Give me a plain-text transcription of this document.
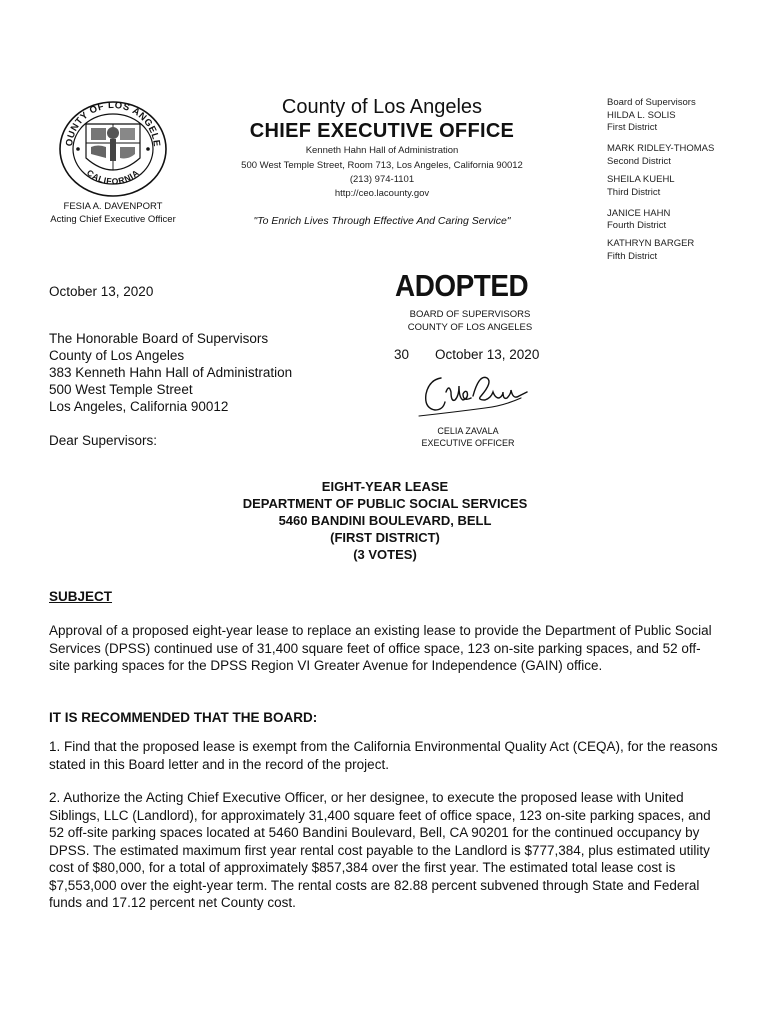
OUNTY OF LOS ANGELE
CALIFORNIA
County of Los Angeles
CHIEF EXECUTIVE OFFICE
Kenneth Hahn Hall of Administration
500 West Temple Street, Room 713, Los Angeles, California 90012
(213) 974-1101
http://ceo.lacounty.gov
"To Enrich Lives Through Effective And Caring Service"
FESIA A. DAVENPORT
Acting Chief Executive Officer
Board of Supervisors
HILDA L. SOLIS
First District
MARK RIDLEY-THOMAS
Second District
SHEILA KUEHL
Third District
JANICE HAHN
Fourth District
KATHRYN BARGER
Fifth District
October 13, 2020	ADOPTED
BOARD OF SUPERVISORS
COUNTY OF LOS ANGELES
30 October 13, 2020
CELIA ZAVALA
EXECUTIVE OFFICER
The Honorable Board of Supervisors
County of Los Angeles
383 Kenneth Hahn Hall of Administration
500 West Temple Street
Los Angeles, California 90012
Dear Supervisors:
EIGHT-YEAR LEASE
DEPARTMENT OF PUBLIC SOCIAL SERVICES
5460 BANDINI BOULEVARD, BELL
(FIRST DISTRICT)
(3 VOTES)
SUBJECT
Approval of a proposed eight-year lease to replace an existing lease to provide the Department of Public Social Services (DPSS) continued use of 31,400 square feet of office space, 123 on-site parking spaces, and 52 off-site parking spaces for the DPSS Region VI Greater Avenue for Independence (GAIN) office.
IT IS RECOMMENDED THAT THE BOARD:
1. Find that the proposed lease is exempt from the California Environmental Quality Act (CEQA), for the reasons stated in this Board letter and in the record of the project.
2. Authorize the Acting Chief Executive Officer, or her designee, to execute the proposed lease with United Siblings, LLC (Landlord), for approximately 31,400 square feet of office space, 123 on-site parking spaces, and 52 off-site parking spaces located at 5460 Bandini Boulevard, Bell, CA 90201 for the continued occupancy by DPSS. The estimated maximum first year rental cost payable to the Landlord is $777,384, plus estimated utility cost of $80,000, for a total of approximately $857,384 over the first year. The estimated total lease cost is $7,553,000 over the eight-year term. The rental costs are 82.88 percent subvened through State and Federal funds and 17.12 percent net County cost.
